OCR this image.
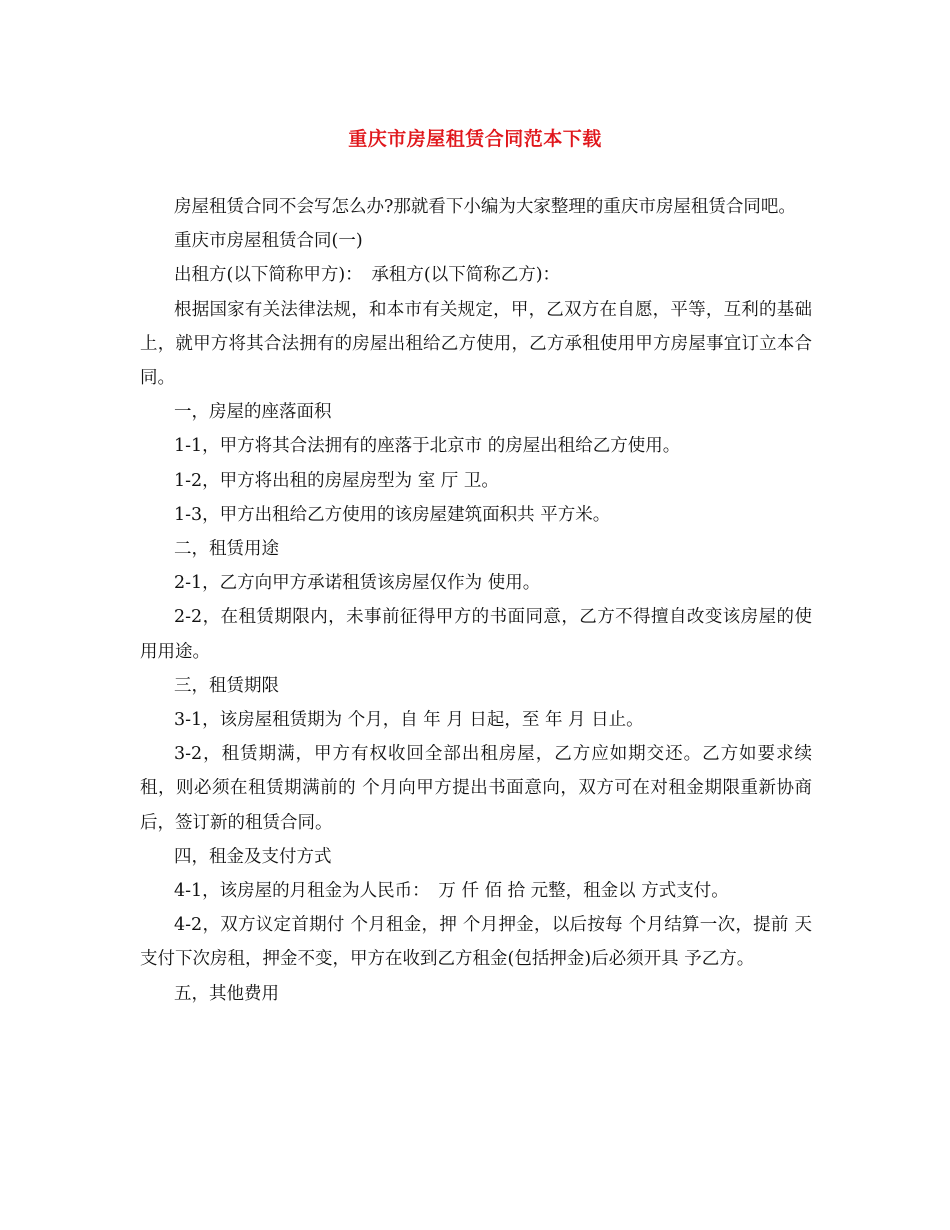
重庆市房屋租赁合同范本下载

房屋租赁合同不会写怎么办?那就看下小编为大家整理的重庆市房屋租赁合同吧。

重庆市房屋租赁合同(一)

出租方(以下简称甲方)：　承租方(以下简称乙方)：

根据国家有关法律法规，和本市有关规定，甲，乙双方在自愿，平等，互利的基础上，就甲方将其合法拥有的房屋出租给乙方使用，乙方承租使用甲方房屋事宜订立本合同。

一，房屋的座落面积

1-1，甲方将其合法拥有的座落于北京市 的房屋出租给乙方使用。

1-2，甲方将出租的房屋房型为 室 厅 卫。

1-3，甲方出租给乙方使用的该房屋建筑面积共 平方米。

二，租赁用途

2-1，乙方向甲方承诺租赁该房屋仅作为 使用。

2-2，在租赁期限内，未事前征得甲方的书面同意，乙方不得擅自改变该房屋的使用用途。

三，租赁期限

3-1，该房屋租赁期为 个月，自 年 月 日起，至 年 月 日止。

3-2，租赁期满，甲方有权收回全部出租房屋，乙方应如期交还。乙方如要求续租，则必须在租赁期满前的 个月向甲方提出书面意向，双方可在对租金期限重新协商后，签订新的租赁合同。

四，租金及支付方式

4-1，该房屋的月租金为人民币：　万 仟 佰 拾 元整，租金以 方式支付。

4-2，双方议定首期付 个月租金，押 个月押金，以后按每 个月结算一次，提前 天支付下次房租，押金不变，甲方在收到乙方租金(包括押金)后必须开具 予乙方。

五，其他费用
